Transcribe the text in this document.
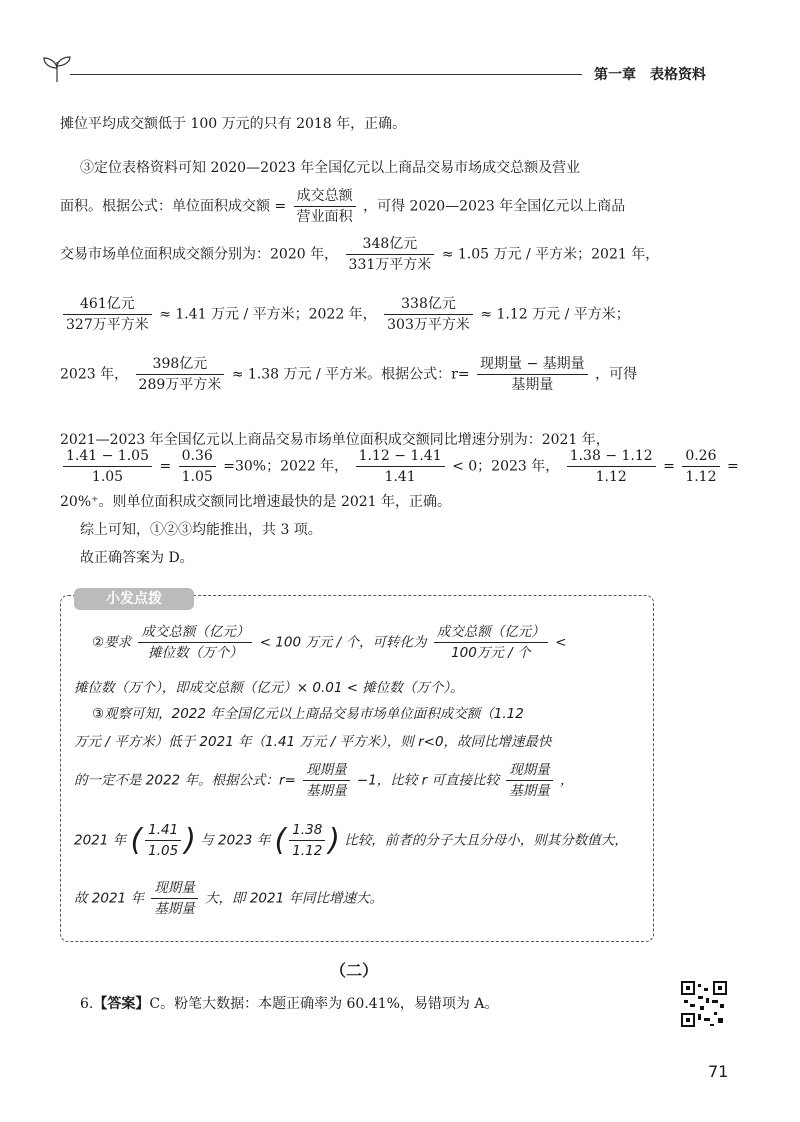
第一章　表格资料
摊位平均成交额低于 100 万元的只有 2018 年，正确。
③定位表格资料可知 2020—2023 年全国亿元以上商品交易市场成交总额及营业
面积。根据公式：单位面积成交额 = $\frac{\text{成交总额}}{\text{营业面积}}$ ，可得 2020—2023 年全国亿元以上商品
交易市场单位面积成交额分别为：2020 年， $\frac{\text{348亿元}}{\text{331万平方米}} \approx 1.05$ 万元 / 平方米；2021 年，
$\frac{\text{461亿元}}{\text{327万平方米}} \approx 1.41$ 万元 / 平方米；2022 年， $\frac{\text{338亿元}}{\text{303万平方米}} \approx 1.12$ 万元 / 平方米；
2023 年， $\frac{\text{398亿元}}{\text{289万平方米}} \approx 1.38$ 万元 / 平方米。根据公式：$r= \frac{\text{现期量 − 基期量}}{\text{基期量}}$ ，可得
2021—2023 年全国亿元以上商品交易市场单位面积成交额同比增速分别为：2021 年，
$\frac{1.41 - 1.05}{1.05} = \frac{0.36}{1.05} =30\%$；2022 年， $\frac{1.12 - 1.41}{1.41} < 0$；2023 年， $\frac{1.38 - 1.12}{1.12} = \frac{0.26}{1.12}$ =
20%⁺。则单位面积成交额同比增速最快的是 2021 年，正确。
综上可知，①②③均能推出，共 3 项。
故正确答案为 D。
小发点拨
②要求 $\frac{\text{成交总额（亿元）}}{\text{摊位数（万个）}} < 100$ 万元 / 个，可转化为 $\frac{\text{成交总额（亿元）}}{\text{100万元 / 个}}$ <
摊位数（万个），即成交总额（亿元）× 0.01 < 摊位数（万个）。
③观察可知，2022 年全国亿元以上商品交易市场单位面积成交额（1.12
万元 / 平方米）低于 2021 年（1.41 万元 / 平方米），则 r<0，故同比增速最快
的一定不是 2022 年。根据公式：$r= \frac{\text{现期量}}{\text{基期量}} -1$，比较 r 可直接比较 $\frac{\text{现期量}}{\text{基期量}}$ ，
2021 年 ( $\frac{1.41}{1.05}$ ) 与 2023 年 ( $\frac{1.38}{1.12}$ ) 比较，前者的分子大且分母小，则其分数值大，
故 2021 年 $\frac{\text{现期量}}{\text{基期量}}$ 大，即 2021 年同比增速大。
（二）
6.【答案】C。粉笔大数据：本题正确率为 60.41%，易错项为 A。
71
